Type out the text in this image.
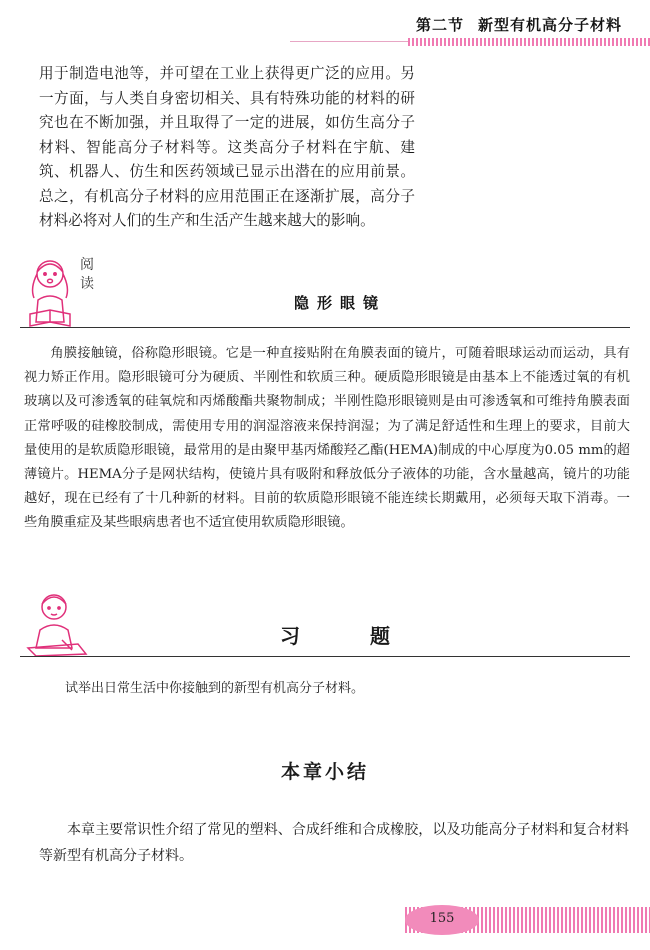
第二节 新型有机高分子材料

用于制造电池等，并可望在工业上获得更广泛的应用。另一方面，与人类自身密切相关、具有特殊功能的材料的研究也在不断加强，并且取得了一定的进展，如仿生高分子材料、智能高分子材料等。这类高分子材料在宇航、建筑、机器人、仿生和医药领域已显示出潜在的应用前景。总之，有机高分子材料的应用范围正在逐渐扩展，高分子材料必将对人们的生产和生活产生越来越大的影响。

阅读
隐形眼镜

角膜接触镜，俗称隐形眼镜。它是一种直接贴附在角膜表面的镜片，可随着眼球运动而运动，具有视力矫正作用。隐形眼镜可分为硬质、半刚性和软质三种。硬质隐形眼镜是由基本上不能透过氧的有机玻璃以及可渗透氧的硅氧烷和丙烯酸酯共聚物制成；半刚性隐形眼镜则是由可渗透氧和可维持角膜表面正常呼吸的硅橡胶制成，需使用专用的润湿溶液来保持润湿；为了满足舒适性和生理上的要求，目前大量使用的是软质隐形眼镜，最常用的是由聚甲基丙烯酸羟乙酯(HEMA)制成的中心厚度为0.05 mm的超薄镜片。HEMA分子是网状结构，使镜片具有吸附和释放低分子液体的功能，含水量越高，镜片的功能越好，现在已经有了十几种新的材料。目前的软质隐形眼镜不能连续长期戴用，必须每天取下消毒。一些角膜重症及某些眼病患者也不适宜使用软质隐形眼镜。

习	题

试举出日常生活中你接触到的新型有机高分子材料。

本章小结

本章主要常识性介绍了常见的塑料、合成纤维和合成橡胶，以及功能高分子材料和复合材料等新型有机高分子材料。

155
